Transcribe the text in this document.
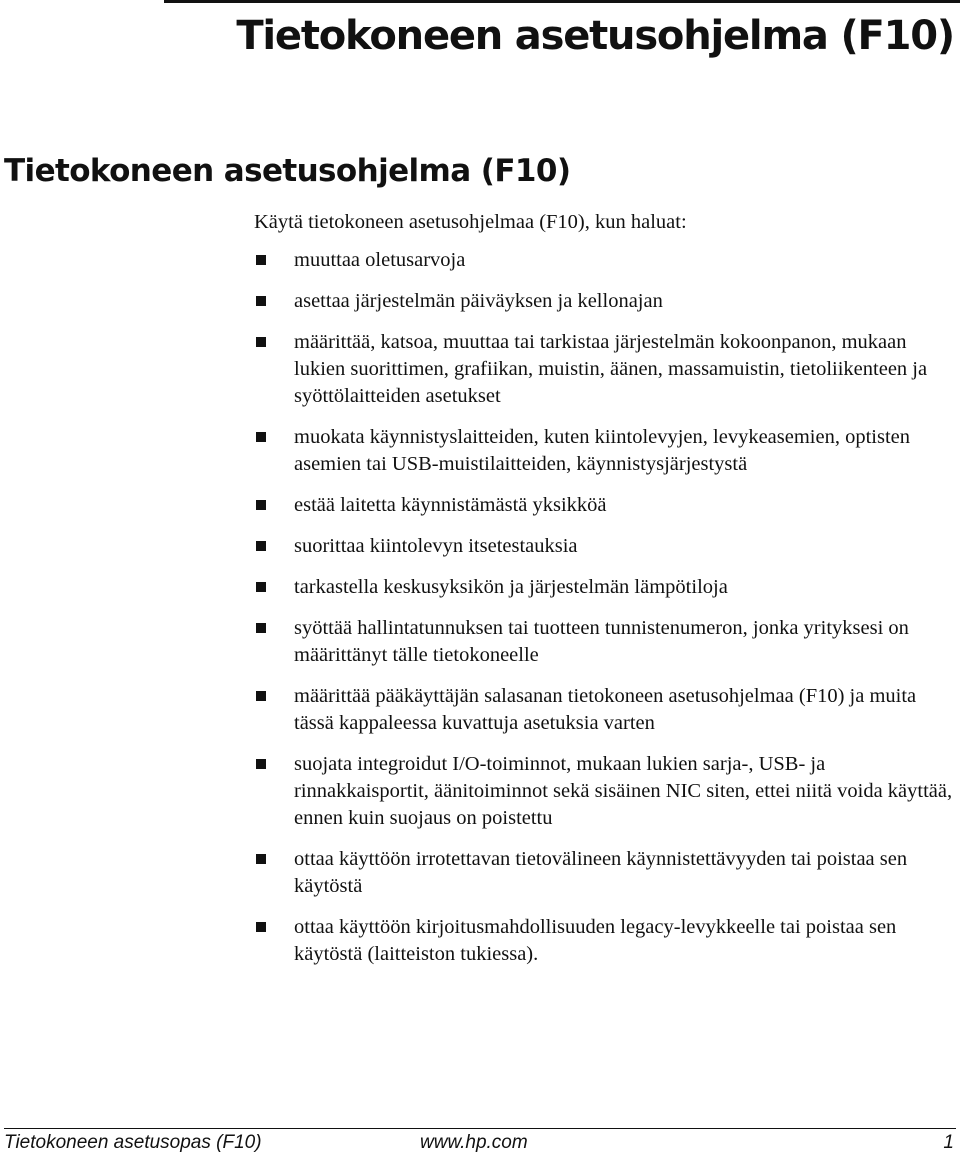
Tietokoneen asetusohjelma (F10)
Tietokoneen asetusohjelma (F10)

Käytä tietokoneen asetusohjelmaa (F10), kun haluat:

muuttaa oletusarvoja
asettaa järjestelmän päiväyksen ja kellonajan
määrittää, katsoa, muuttaa tai tarkistaa järjestelmän kokoonpanon, mukaan lukien suorittimen, grafiikan, muistin, äänen, massamuistin, tietoliikenteen ja syöttölaitteiden asetukset
muokata käynnistyslaitteiden, kuten kiintolevyjen, levykeasemien, optisten asemien tai USB-muistilaitteiden, käynnistysjärjestystä
estää laitetta käynnistämästä yksikköä
suorittaa kiintolevyn itsetestauksia
tarkastella keskusyksikön ja järjestelmän lämpötiloja
syöttää hallintatunnuksen tai tuotteen tunnistenumeron, jonka yrityksesi on määrittänyt tälle tietokoneelle
määrittää pääkäyttäjän salasanan tietokoneen asetusohjelmaa (F10) ja muita tässä kappaleessa kuvattuja asetuksia varten
suojata integroidut I/O-toiminnot, mukaan lukien sarja-, USB- ja rinnakkaisportit, äänitoiminnot sekä sisäinen NIC siten, ettei niitä voida käyttää, ennen kuin suojaus on poistettu
ottaa käyttöön irrotettavan tietovälineen käynnistettävyyden tai poistaa sen käytöstä
ottaa käyttöön kirjoitusmahdollisuuden legacy-levykkeelle tai poistaa sen käytöstä (laitteiston tukiessa).
Tietokoneen asetusopas (F10)	www.hp.com	1
